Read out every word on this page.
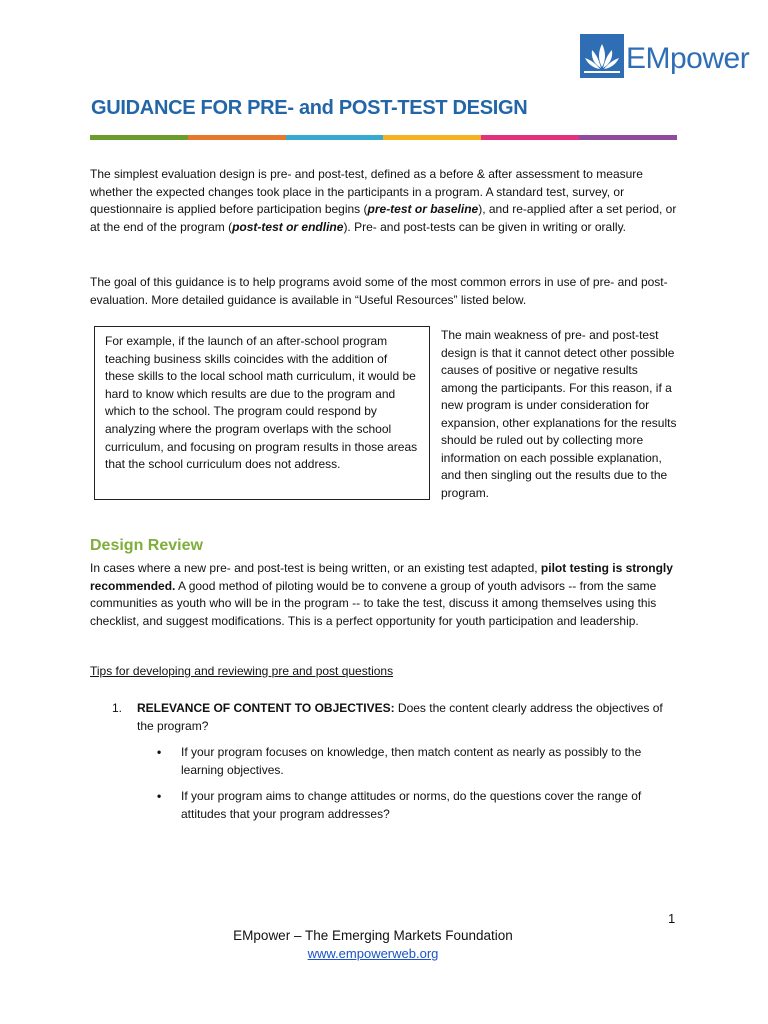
EMpower
GUIDANCE FOR PRE- and POST-TEST DESIGN

The simplest evaluation design is pre- and post-test, defined as a before & after assessment to measure whether the expected changes took place in the participants in a program. A standard test, survey, or questionnaire is applied before participation begins (pre-test or baseline), and re-applied after a set period, or at the end of the program (post-test or endline). Pre- and post-tests can be given in writing or orally.

The goal of this guidance is to help programs avoid some of the most common errors in use of pre- and post-evaluation. More detailed guidance is available in “Useful Resources” listed below.

For example, if the launch of an after-school program teaching business skills coincides with the addition of these skills to the local school math curriculum, it would be hard to know which results are due to the program and which to the school. The program could respond by analyzing where the program overlaps with the school curriculum, and focusing on program results in those areas that the school curriculum does not address.

The main weakness of pre- and post-test design is that it cannot detect other possible causes of positive or negative results among the participants. For this reason, if a new program is under consideration for expansion, other explanations for the results should be ruled out by collecting more information on each possible explanation, and then singling out the results due to the program.

Design Review

In cases where a new pre- and post-test is being written, or an existing test adapted, pilot testing is strongly recommended. A good method of piloting would be to convene a group of youth advisors -- from the same communities as youth who will be in the program -- to take the test, discuss it among themselves using this checklist, and suggest modifications. This is a perfect opportunity for youth participation and leadership.

Tips for developing and reviewing pre and post questions

1. RELEVANCE OF CONTENT TO OBJECTIVES: Does the content clearly address the objectives of the program?
• If your program focuses on knowledge, then match content as nearly as possibly to the learning objectives.
• If your program aims to change attitudes or norms, do the questions cover the range of attitudes that your program addresses?
1
EMpower – The Emerging Markets Foundation
www.empowerweb.org
